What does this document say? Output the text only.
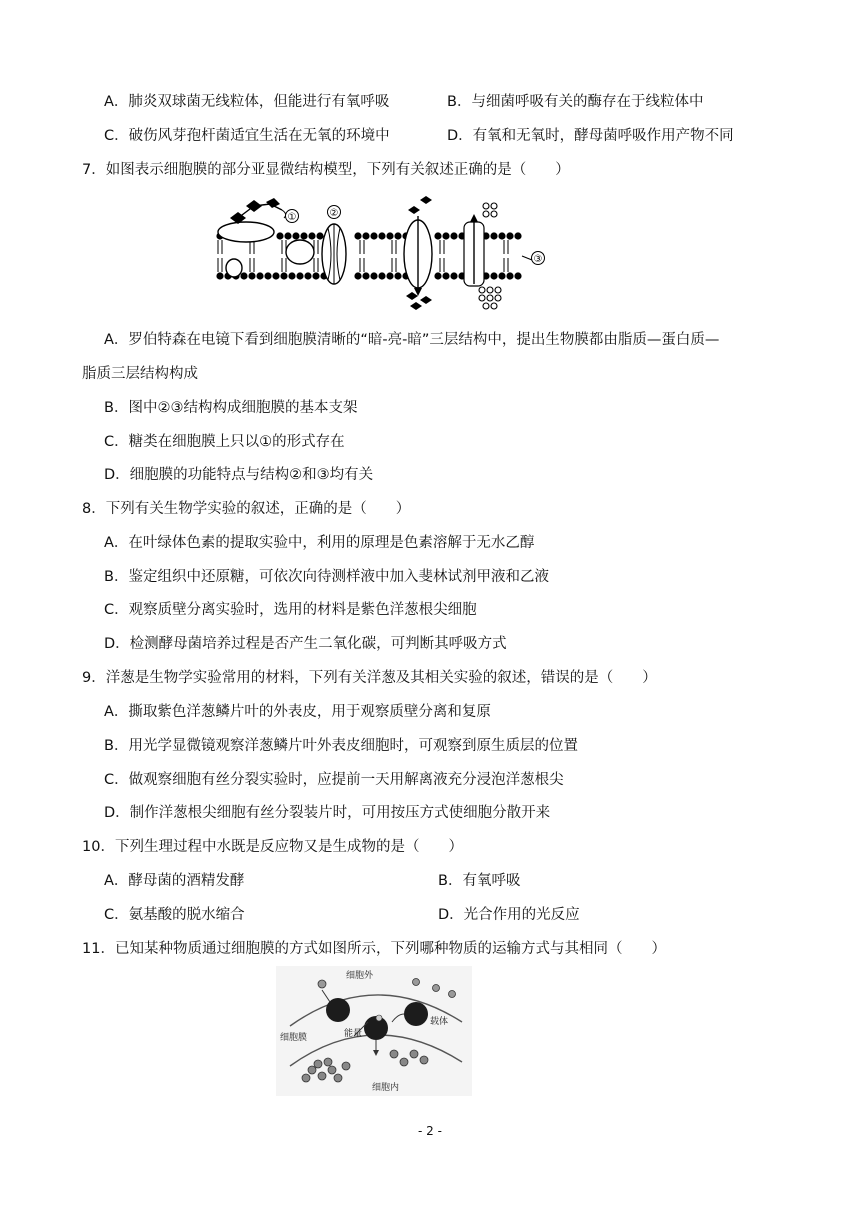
A．肺炎双球菌无线粒体，但能进行有氧呼吸	B．与细菌呼吸有关的酶存在于线粒体中
C．破伤风芽孢杆菌适宜生活在无氧的环境中	D．有氧和无氧时，酵母菌呼吸作用产物不同
7．如图表示细胞膜的部分亚显微结构模型，下列有关叙述正确的是（　　）
①	②
③
A．罗伯特森在电镜下看到细胞膜清晰的“暗-亮-暗”三层结构中，提出生物膜都由脂质—蛋白质—
脂质三层结构构成
B．图中②③结构构成细胞膜的基本支架
C．糖类在细胞膜上只以①的形式存在
D．细胞膜的功能特点与结构②和③均有关
8．下列有关生物学实验的叙述，正确的是（　　）
A．在叶绿体色素的提取实验中，利用的原理是色素溶解于无水乙醇
B．鉴定组织中还原糖，可依次向待测样液中加入斐林试剂甲液和乙液
C．观察质壁分离实验时，选用的材料是紫色洋葱根尖细胞
D．检测酵母菌培养过程是否产生二氧化碳，可判断其呼吸方式
9．洋葱是生物学实验常用的材料，下列有关洋葱及其相关实验的叙述，错误的是（　　）
A．撕取紫色洋葱鳞片叶的外表皮，用于观察质壁分离和复原
B．用光学显微镜观察洋葱鳞片叶外表皮细胞时，可观察到原生质层的位置
C．做观察细胞有丝分裂实验时，应提前一天用解离液充分浸泡洋葱根尖
D．制作洋葱根尖细胞有丝分裂装片时，可用按压方式使细胞分散开来
10．下列生理过程中水既是反应物又是生成物的是（　　）
A．酵母菌的酒精发酵	B．有氧呼吸
C．氨基酸的脱水缩合	D．光合作用的光反应
11．已知某种物质通过细胞膜的方式如图所示，下列哪种物质的运输方式与其相同（　　）
细胞外
细胞膜	能量
载体
细胞内
- 2 -
